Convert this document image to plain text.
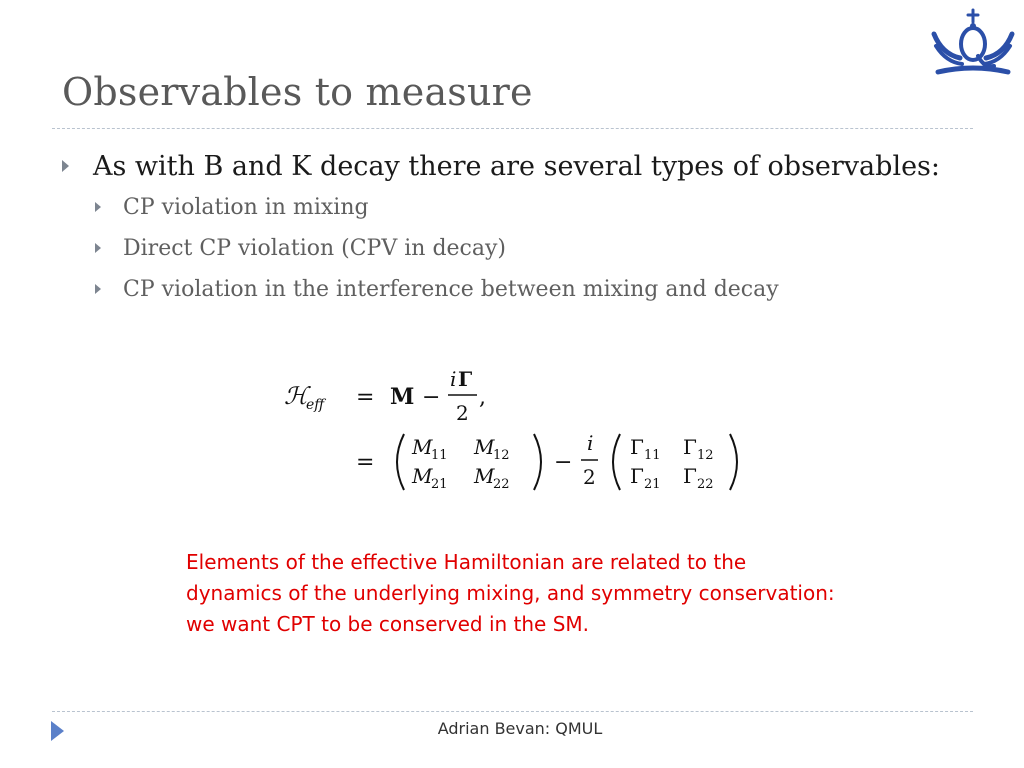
Observables to measure
As with B and K decay there are several types of observables:
CP violation in mixing
Direct CP violation (CPV in decay)
CP violation in the interference between mixing and decay
ℋ
eff = M −
i Γ
2
,
=
M
11 M
12
M
21 M
22
−
i
2
Γ 11 Γ 12
Γ 21 Γ 22
Elements of the effective Hamiltonian are related to the
dynamics of the underlying mixing, and symmetry conservation:
we want CPT to be conserved in the SM.
Adrian Bevan: QMUL
